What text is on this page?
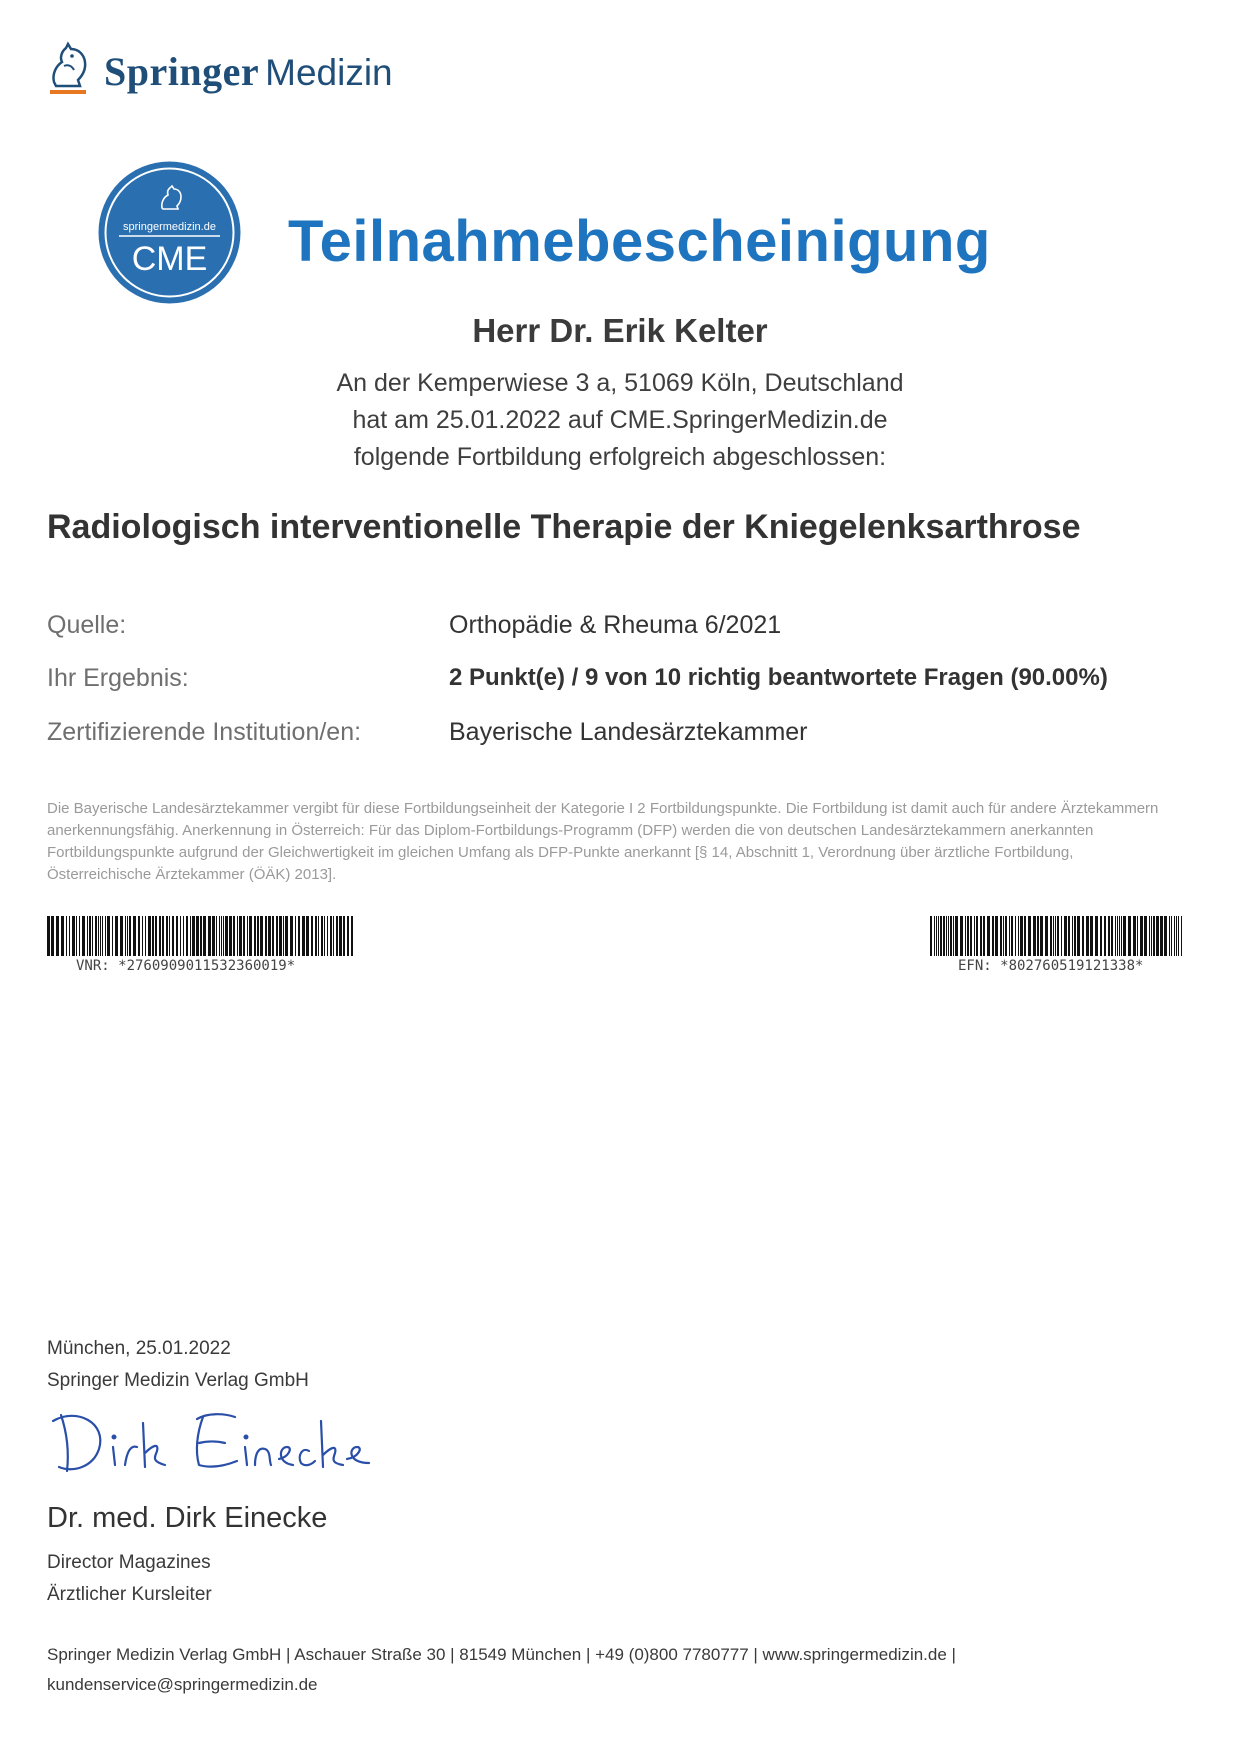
Springer Medizin
springermedizin.de
CME Teilnahmebescheinigung
Herr Dr. Erik Kelter
An der Kemperwiese 3 a, 51069 Köln, Deutschland
hat am 25.01.2022 auf CME.SpringerMedizin.de
folgende Fortbildung erfolgreich abgeschlossen:
Radiologisch interventionelle Therapie der Kniegelenksarthrose
Quelle:	Orthopädie & Rheuma 6/2021
Ihr Ergebnis:	2 Punkt(e) / 9 von 10 richtig beantwortete Fragen (90.00%)
Zertifizierende Institution/en:	Bayerische Landesärztekammer
Die Bayerische Landesärztekammer vergibt für diese Fortbildungseinheit der Kategorie I 2 Fortbildungspunkte. Die Fortbildung ist damit auch für andere Ärztekammern anerkennungsfähig. Anerkennung in Österreich: Für das Diplom-Fortbildungs-Programm (DFP) werden die von deutschen Landesärztekammern anerkannten Fortbildungspunkte aufgrund der Gleichwertigkeit im gleichen Umfang als DFP-Punkte anerkannt [§ 14, Abschnitt 1, Verordnung über ärztliche Fortbildung, Österreichische Ärztekammer (ÖÄK) 2013].
VNR: *2760909011532360019*	EFN: *802760519121338*
München, 25.01.2022
Springer Medizin Verlag GmbH
Dr. med. Dirk Einecke
Director Magazines
Ärztlicher Kursleiter
Springer Medizin Verlag GmbH | Aschauer Straße 30 | 81549 München | +49 (0)800 7780777 | www.springermedizin.de |
kundenservice@springermedizin.de
